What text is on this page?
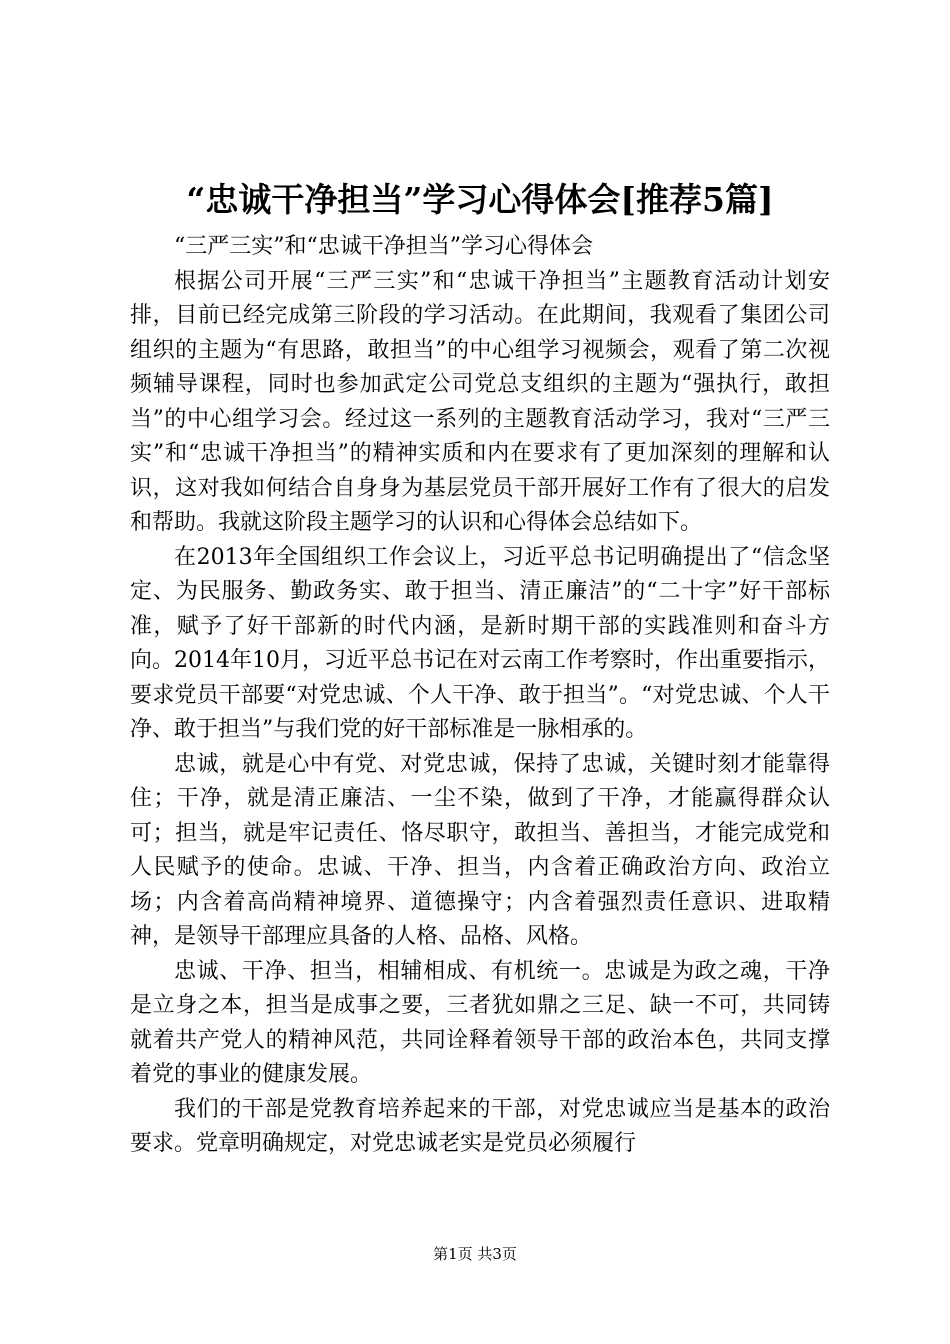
“忠诚干净担当”学习心得体会[推荐5篇]

“三严三实”和“忠诚干净担当”学习心得体会

根据公司开展“三严三实”和“忠诚干净担当”主题教育活动计划安排，目前已经完成第三阶段的学习活动。在此期间，我观看了集团公司组织的主题为“有思路，敢担当”的中心组学习视频会，观看了第二次视频辅导课程，同时也参加武定公司党总支组织的主题为“强执行，敢担当”的中心组学习会。经过这一系列的主题教育活动学习，我对“三严三实”和“忠诚干净担当”的精神实质和内在要求有了更加深刻的理解和认识，这对我如何结合自身身为基层党员干部开展好工作有了很大的启发和帮助。我就这阶段主题学习的认识和心得体会总结如下。

在2013年全国组织工作会议上，习近平总书记明确提出了“信念坚定、为民服务、勤政务实、敢于担当、清正廉洁”的“二十字”好干部标准，赋予了好干部新的时代内涵，是新时期干部的实践准则和奋斗方向。2014年10月，习近平总书记在对云南工作考察时，作出重要指示，要求党员干部要“对党忠诚、个人干净、敢于担当”。“对党忠诚、个人干净、敢于担当”与我们党的好干部标准是一脉相承的。

忠诚，就是心中有党、对党忠诚，保持了忠诚，关键时刻才能靠得住；干净，就是清正廉洁、一尘不染，做到了干净，才能赢得群众认可；担当，就是牢记责任、恪尽职守，敢担当、善担当，才能完成党和人民赋予的使命。忠诚、干净、担当，内含着正确政治方向、政治立场；内含着高尚精神境界、道德操守；内含着强烈责任意识、进取精神，是领导干部理应具备的人格、品格、风格。

忠诚、干净、担当，相辅相成、有机统一。忠诚是为政之魂，干净是立身之本，担当是成事之要，三者犹如鼎之三足、缺一不可，共同铸就着共产党人的精神风范，共同诠释着领导干部的政治本色，共同支撑着党的事业的健康发展。

我们的干部是党教育培养起来的干部，对党忠诚应当是基本的政治要求。党章明确规定，对党忠诚老实是党员必须履行

第1页 共3页
